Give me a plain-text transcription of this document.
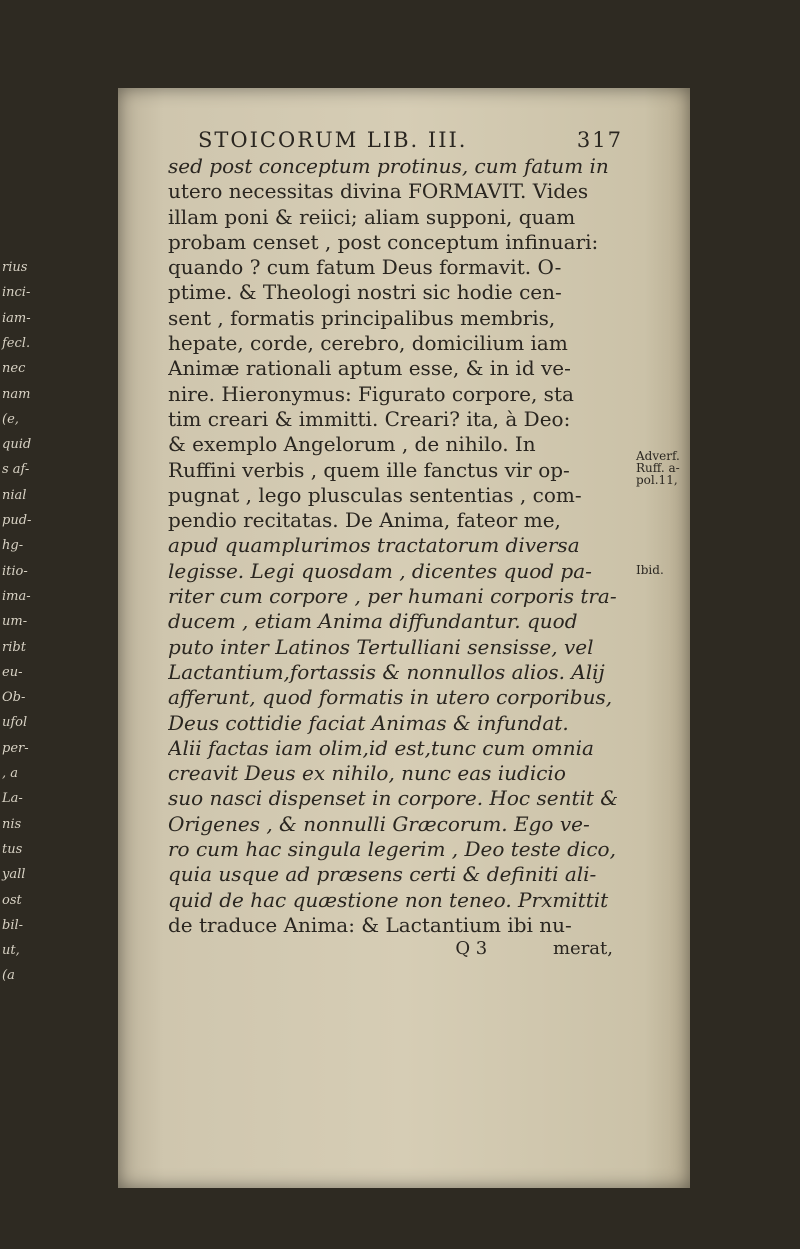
rius
inci-
iam-
fecl.
nec
nam
(e,
quid
s af-
nial
pud-
hg-
itio-
ima-
um-
ribt
eu-
Ob-
ufol
per-
, a
La-
nis
tus
yall
ost
bil-
ut,
(a
STOICORUM LIB. III.	317
sed post conceptum protinus, cum fatum in
utero necessitas divina FORMAVIT. Vides
illam poni & reiici; aliam supponi, quam
probam censet , post conceptum infinuari:
quando ? cum fatum Deus formavit. O-
ptime. & Theologi nostri sic hodie cen-
sent , formatis principalibus membris,
hepate, corde, cerebro, domicilium iam
Animæ rationali aptum esse, & in id ve-
nire. Hieronymus: Figurato corpore, sta
tim creari & immitti. Creari? ita, à Deo:
& exemplo Angelorum , de nihilo. In
Ruffini verbis , quem ille fanctus vir op-
pugnat , lego plusculas sententias , com-
pendio recitatas. De Anima, fateor me,
apud quamplurimos tractatorum diversa
legisse. Legi quosdam , dicentes quod pa-
riter cum corpore , per humani corporis tra-
ducem , etiam Anima diffundantur. quod
puto inter Latinos Tertulliani sensisse, vel
Lactantium,fortassis & nonnullos alios. Alij
afferunt, quod formatis in utero corporibus,
Deus cottidie faciat Animas & infundat.
Alii factas iam olim,id est,tunc cum omnia
creavit Deus ex nihilo, nunc eas iudicio
suo nasci dispenset in corpore. Hoc sentit &
Origenes , & nonnulli Græcorum. Ego ve-
ro cum hac singula legerim , Deo teste dico,
quia usque ad præsens certi & definiti ali-
quid de hac quæstione non teneo. Prxmittit
de traduce Anima: & Lactantium ibi nu-
Q 3	merat,
Adverf.
Ruff. a-
pol.11,
Ibid.
